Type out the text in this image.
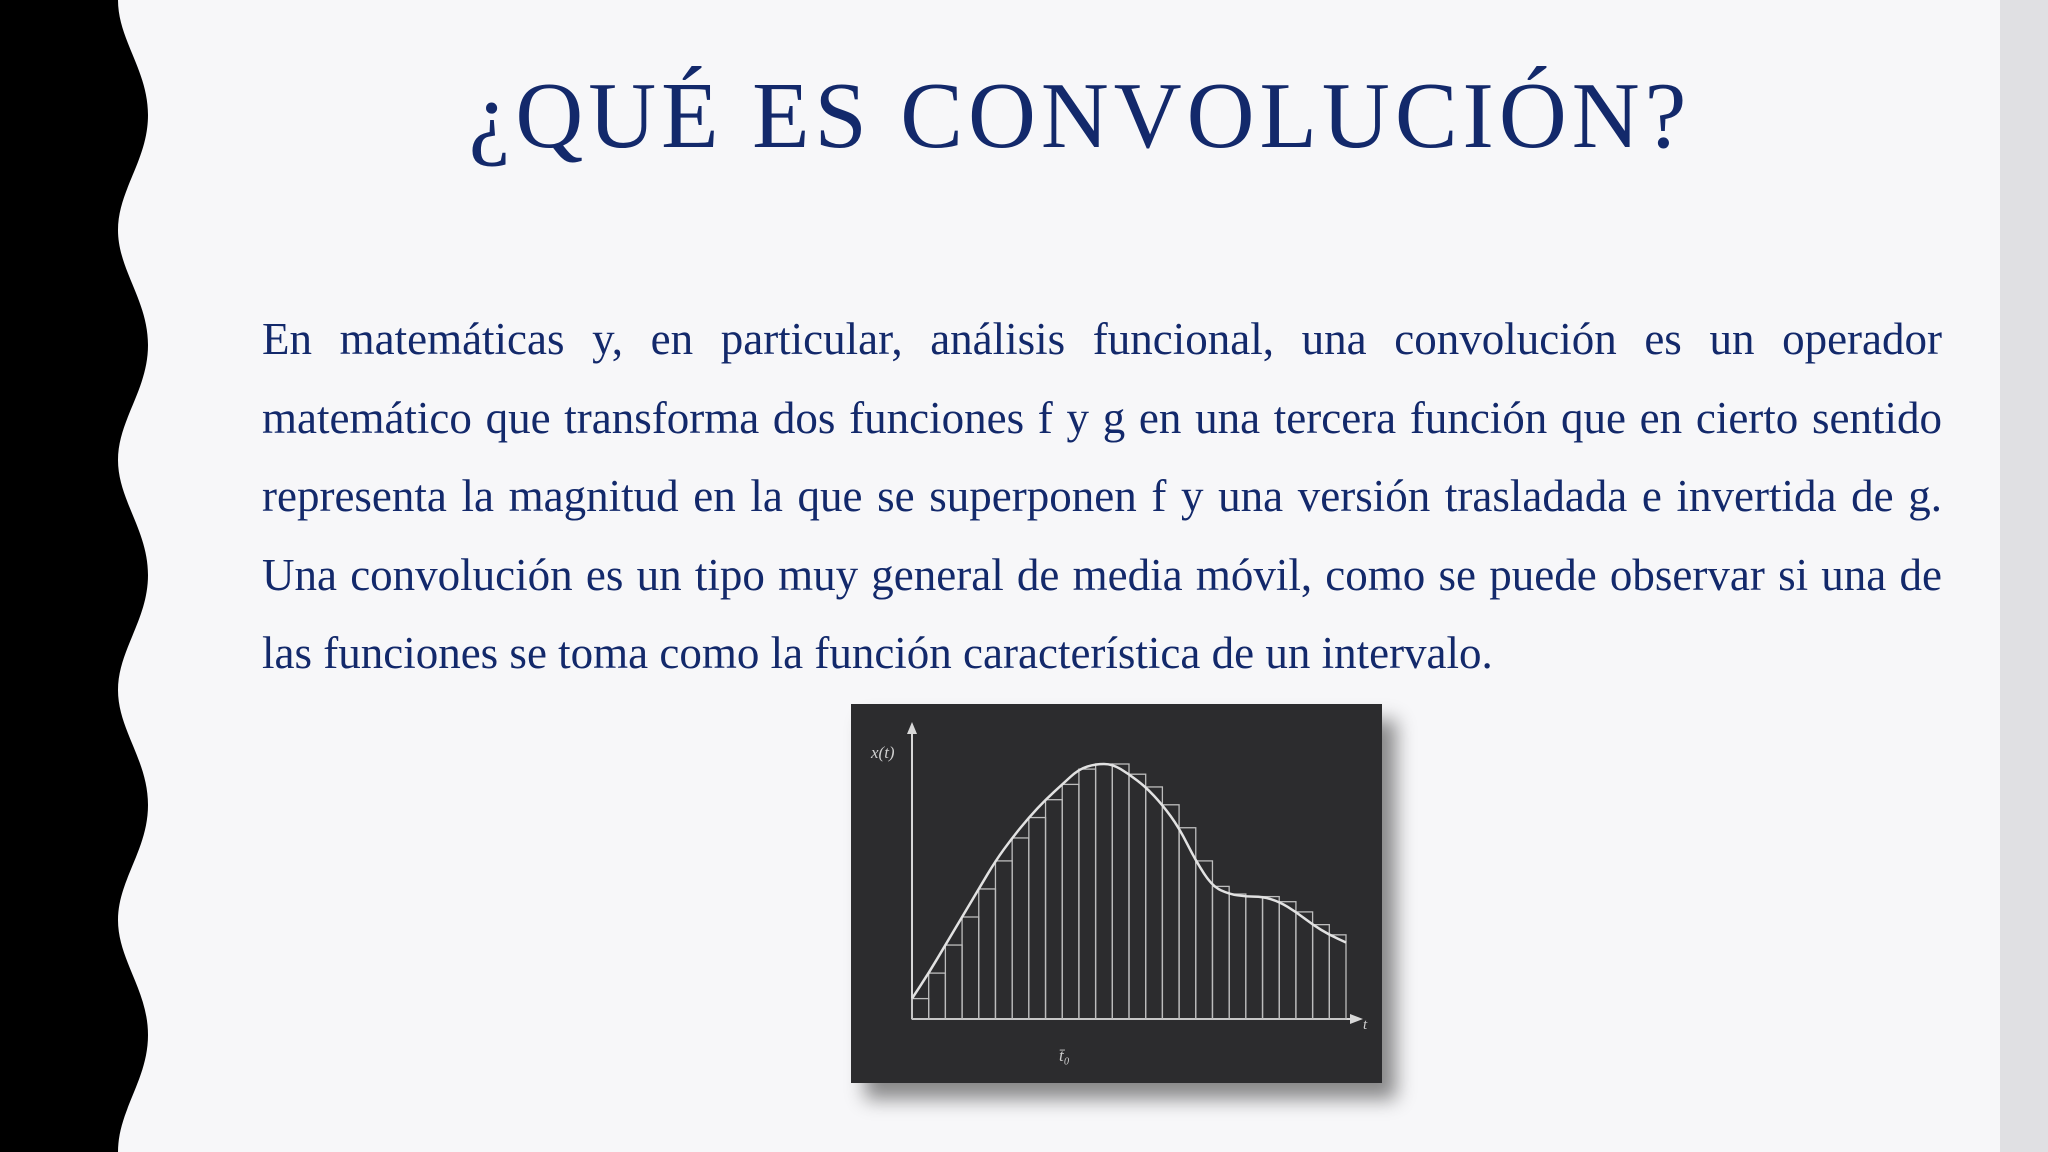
¿QUÉ ES CONVOLUCIÓN?

En matemáticas y, en particular, análisis funcional, una convolución es un operador matemático que transforma dos funciones f y g en una tercera función que en cierto sentido representa la magnitud en la que se superponen f y una versión trasladada e invertida de g. Una convolución es un tipo muy general de media móvil, como se puede observar si una de las funciones se toma como la función característica de un intervalo.

x(t)
t
t̄₀
